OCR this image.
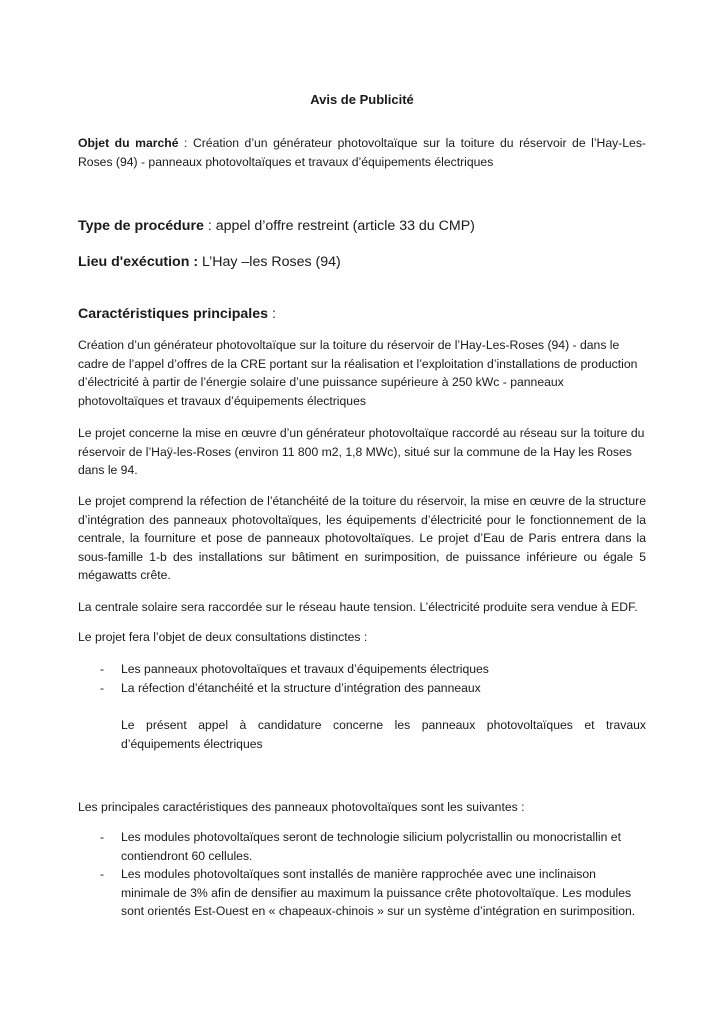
Avis de Publicité

Objet du marché : Création d’un générateur photovoltaïque sur la toiture du réservoir de l’Hay-Les-Roses (94) - panneaux photovoltaïques et travaux d’équipements électriques

Type de procédure : appel d’offre restreint (article 33 du CMP)

Lieu d'exécution : L’Hay –les Roses (94)

Caractéristiques principales :

Création d’un générateur photovoltaïque sur la toiture du réservoir de l’Hay-Les-Roses (94) - dans le cadre de l’appel d’offres de la CRE portant sur la réalisation et l’exploitation d’installations de production d’électricité à partir de l’énergie solaire d’une puissance supérieure à 250 kWc - panneaux photovoltaïques et travaux d’équipements électriques

Le projet concerne la mise en œuvre d’un générateur photovoltaïque raccordé au réseau sur la toiture du réservoir de l’Haÿ-les-Roses (environ 11 800 m2, 1,8 MWc), situé sur la commune de la Hay les Roses dans le 94.

Le projet comprend la réfection de l’étanchéité de la toiture du réservoir, la mise en œuvre de la structure d’intégration des panneaux photovoltaïques, les équipements d’électricité pour le fonctionnement de la centrale, la fourniture et pose de panneaux photovoltaïques. Le projet d’Eau de Paris entrera dans la sous-famille 1-b des installations sur bâtiment en surimposition, de puissance inférieure ou égale 5 mégawatts crête.

La centrale solaire sera raccordée sur le réseau haute tension. L’électricité produite sera vendue à EDF.

Le projet fera l’objet de deux consultations distinctes :

- Les panneaux photovoltaïques et travaux d’équipements électriques
- La réfection d’étanchéité et la structure d’intégration des panneaux

Le présent appel à candidature concerne les panneaux photovoltaïques et travaux d’équipements électriques

Les principales caractéristiques des panneaux photovoltaïques sont les suivantes :

- Les modules photovoltaïques seront de technologie silicium polycristallin ou monocristallin et contiendront 60 cellules.
- Les modules photovoltaïques sont installés de manière rapprochée avec une inclinaison minimale de 3% afin de densifier au maximum la puissance crête photovoltaïque. Les modules sont orientés Est-Ouest en « chapeaux-chinois » sur un système d’intégration en surimposition.
